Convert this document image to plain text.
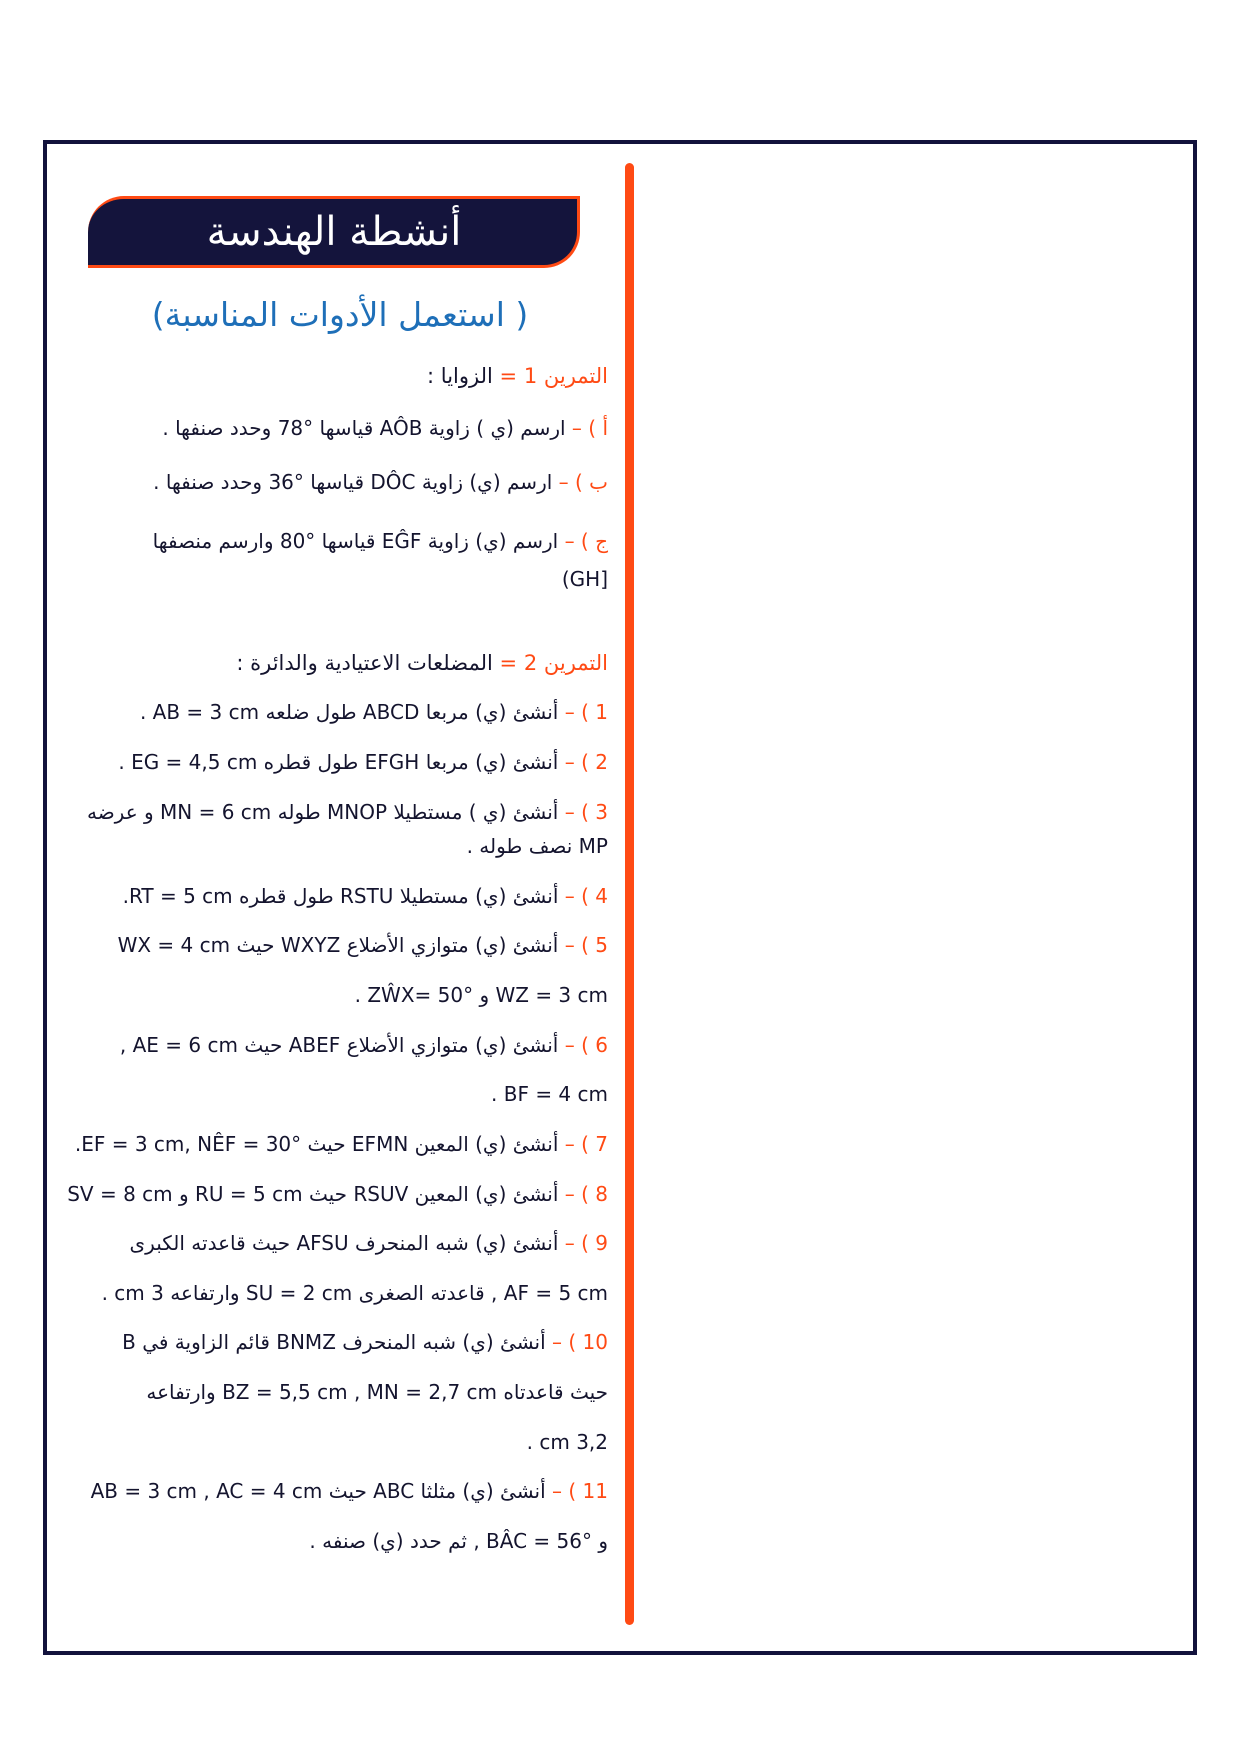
أنشطة الهندسة
( استعمل الأدوات المناسبة)
التمرين 1 = الزوايا :
أ ) – ارسم (ي ) زاوية AÔB قياسها °78 وحدد صنفها .
ب ) – ارسم (ي) زاوية DÔC قياسها °36 وحدد صنفها .
ج ) – ارسم (ي) زاوية EĜF قياسها °80 وارسم منصفها
[GH)
التمرين 2 = المضلعات الاعتيادية والدائرة :
1 ) – أنشئ (ي) مربعا ABCD طول ضلعه AB = 3 cm .
2 ) – أنشئ (ي) مربعا EFGH طول قطره EG = 4,5 cm .
3 ) – أنشئ (ي ) مستطيلا MNOP طوله MN = 6 cm و عرضه
MP نصف طوله .
4 ) – أنشئ (ي) مستطيلا RSTU طول قطره RT = 5 cm.
5 ) – أنشئ (ي) متوازي الأضلاع WXYZ حيث WX = 4 cm
WZ = 3 cm و ZŴX= 50° .
6 ) – أنشئ (ي) متوازي الأضلاع ABEF حيث AE = 6 cm ,
BF = 4 cm .
7 ) – أنشئ (ي) المعين EFMN حيث EF = 3 cm, NÊF = 30°.
8 ) – أنشئ (ي) المعين RSUV حيث RU = 5 cm و SV = 8 cm
9 ) – أنشئ (ي) شبه المنحرف AFSU حيث قاعدته الكبرى
AF = 5 cm , قاعدته الصغرى SU = 2 cm وارتفاعه 3 cm .
10 ) – أنشئ (ي) شبه المنحرف BNMZ قائم الزاوية في B
حيث قاعدتاه BZ = 5,5 cm , MN = 2,7 cm وارتفاعه
3,2 cm .
11 ) – أنشئ (ي) مثلثا ABC حيث AB = 3 cm , AC = 4 cm
و BÂC = 56° , ثم حدد (ي) صنفه .
